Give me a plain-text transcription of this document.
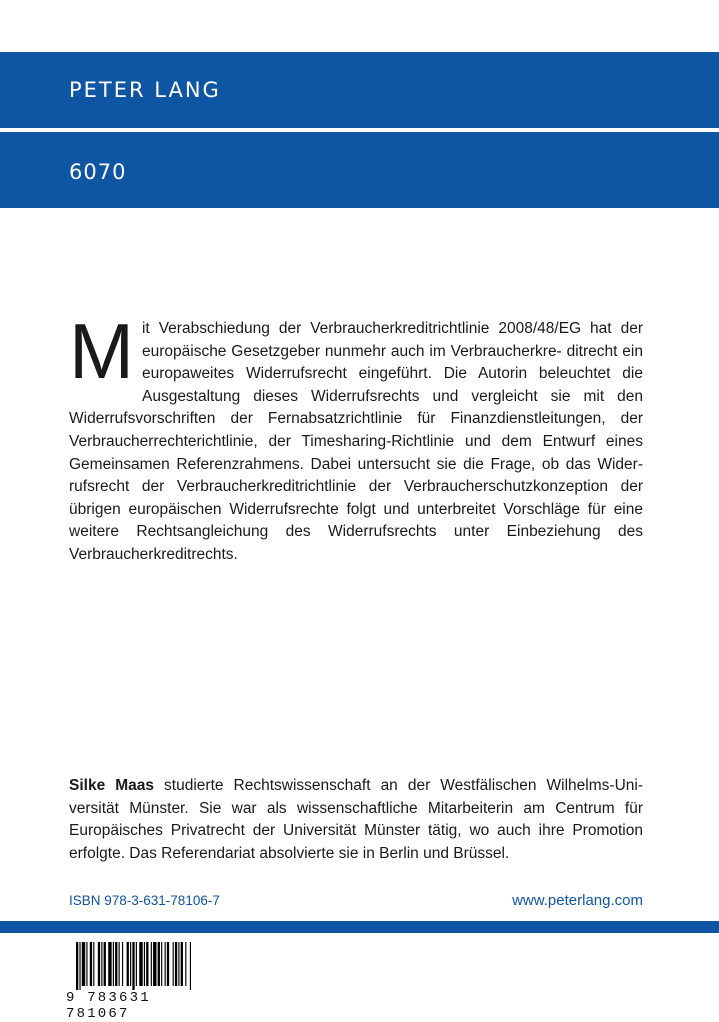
PETER LANG
6070
M it Verabschiedung der Verbraucherkreditrichtlinie 2008/48/EG hat der europäische Gesetzgeber nunmehr auch im Verbraucherkre- ditrecht ein europaweites Widerrufsrecht eingeführt. Die Autorin beleuchtet die Ausgestaltung dieses Widerrufsrechts und vergleicht sie mit den Widerrufsvorschriften der Fernabsatzrichtlinie für Finanzdienstleitungen, der Verbraucherrechterichtlinie, der Timesharing-Richtlinie und dem Entwurf eines Gemeinsamen Referenzrahmens. Dabei untersucht sie die Frage, ob das Wider- rufsrecht der Verbraucherkreditrichtlinie der Verbraucherschutzkonzeption der übrigen europäischen Widerrufsrechte folgt und unterbreitet Vorschläge für eine weitere Rechtsangleichung des Widerrufsrechts unter Einbeziehung des Verbraucherkreditrechts.
Silke Maas studierte Rechtswissenschaft an der Westfälischen Wilhelms-Uni- versität Münster. Sie war als wissenschaftliche Mitarbeiterin am Centrum für Europäisches Privatrecht der Universität Münster tätig, wo auch ihre Promotion erfolgte. Das Referendariat absolvierte sie in Berlin und Brüssel.
ISBN 978-3-631-78106-7	www.peterlang.com
9 783631 781067
